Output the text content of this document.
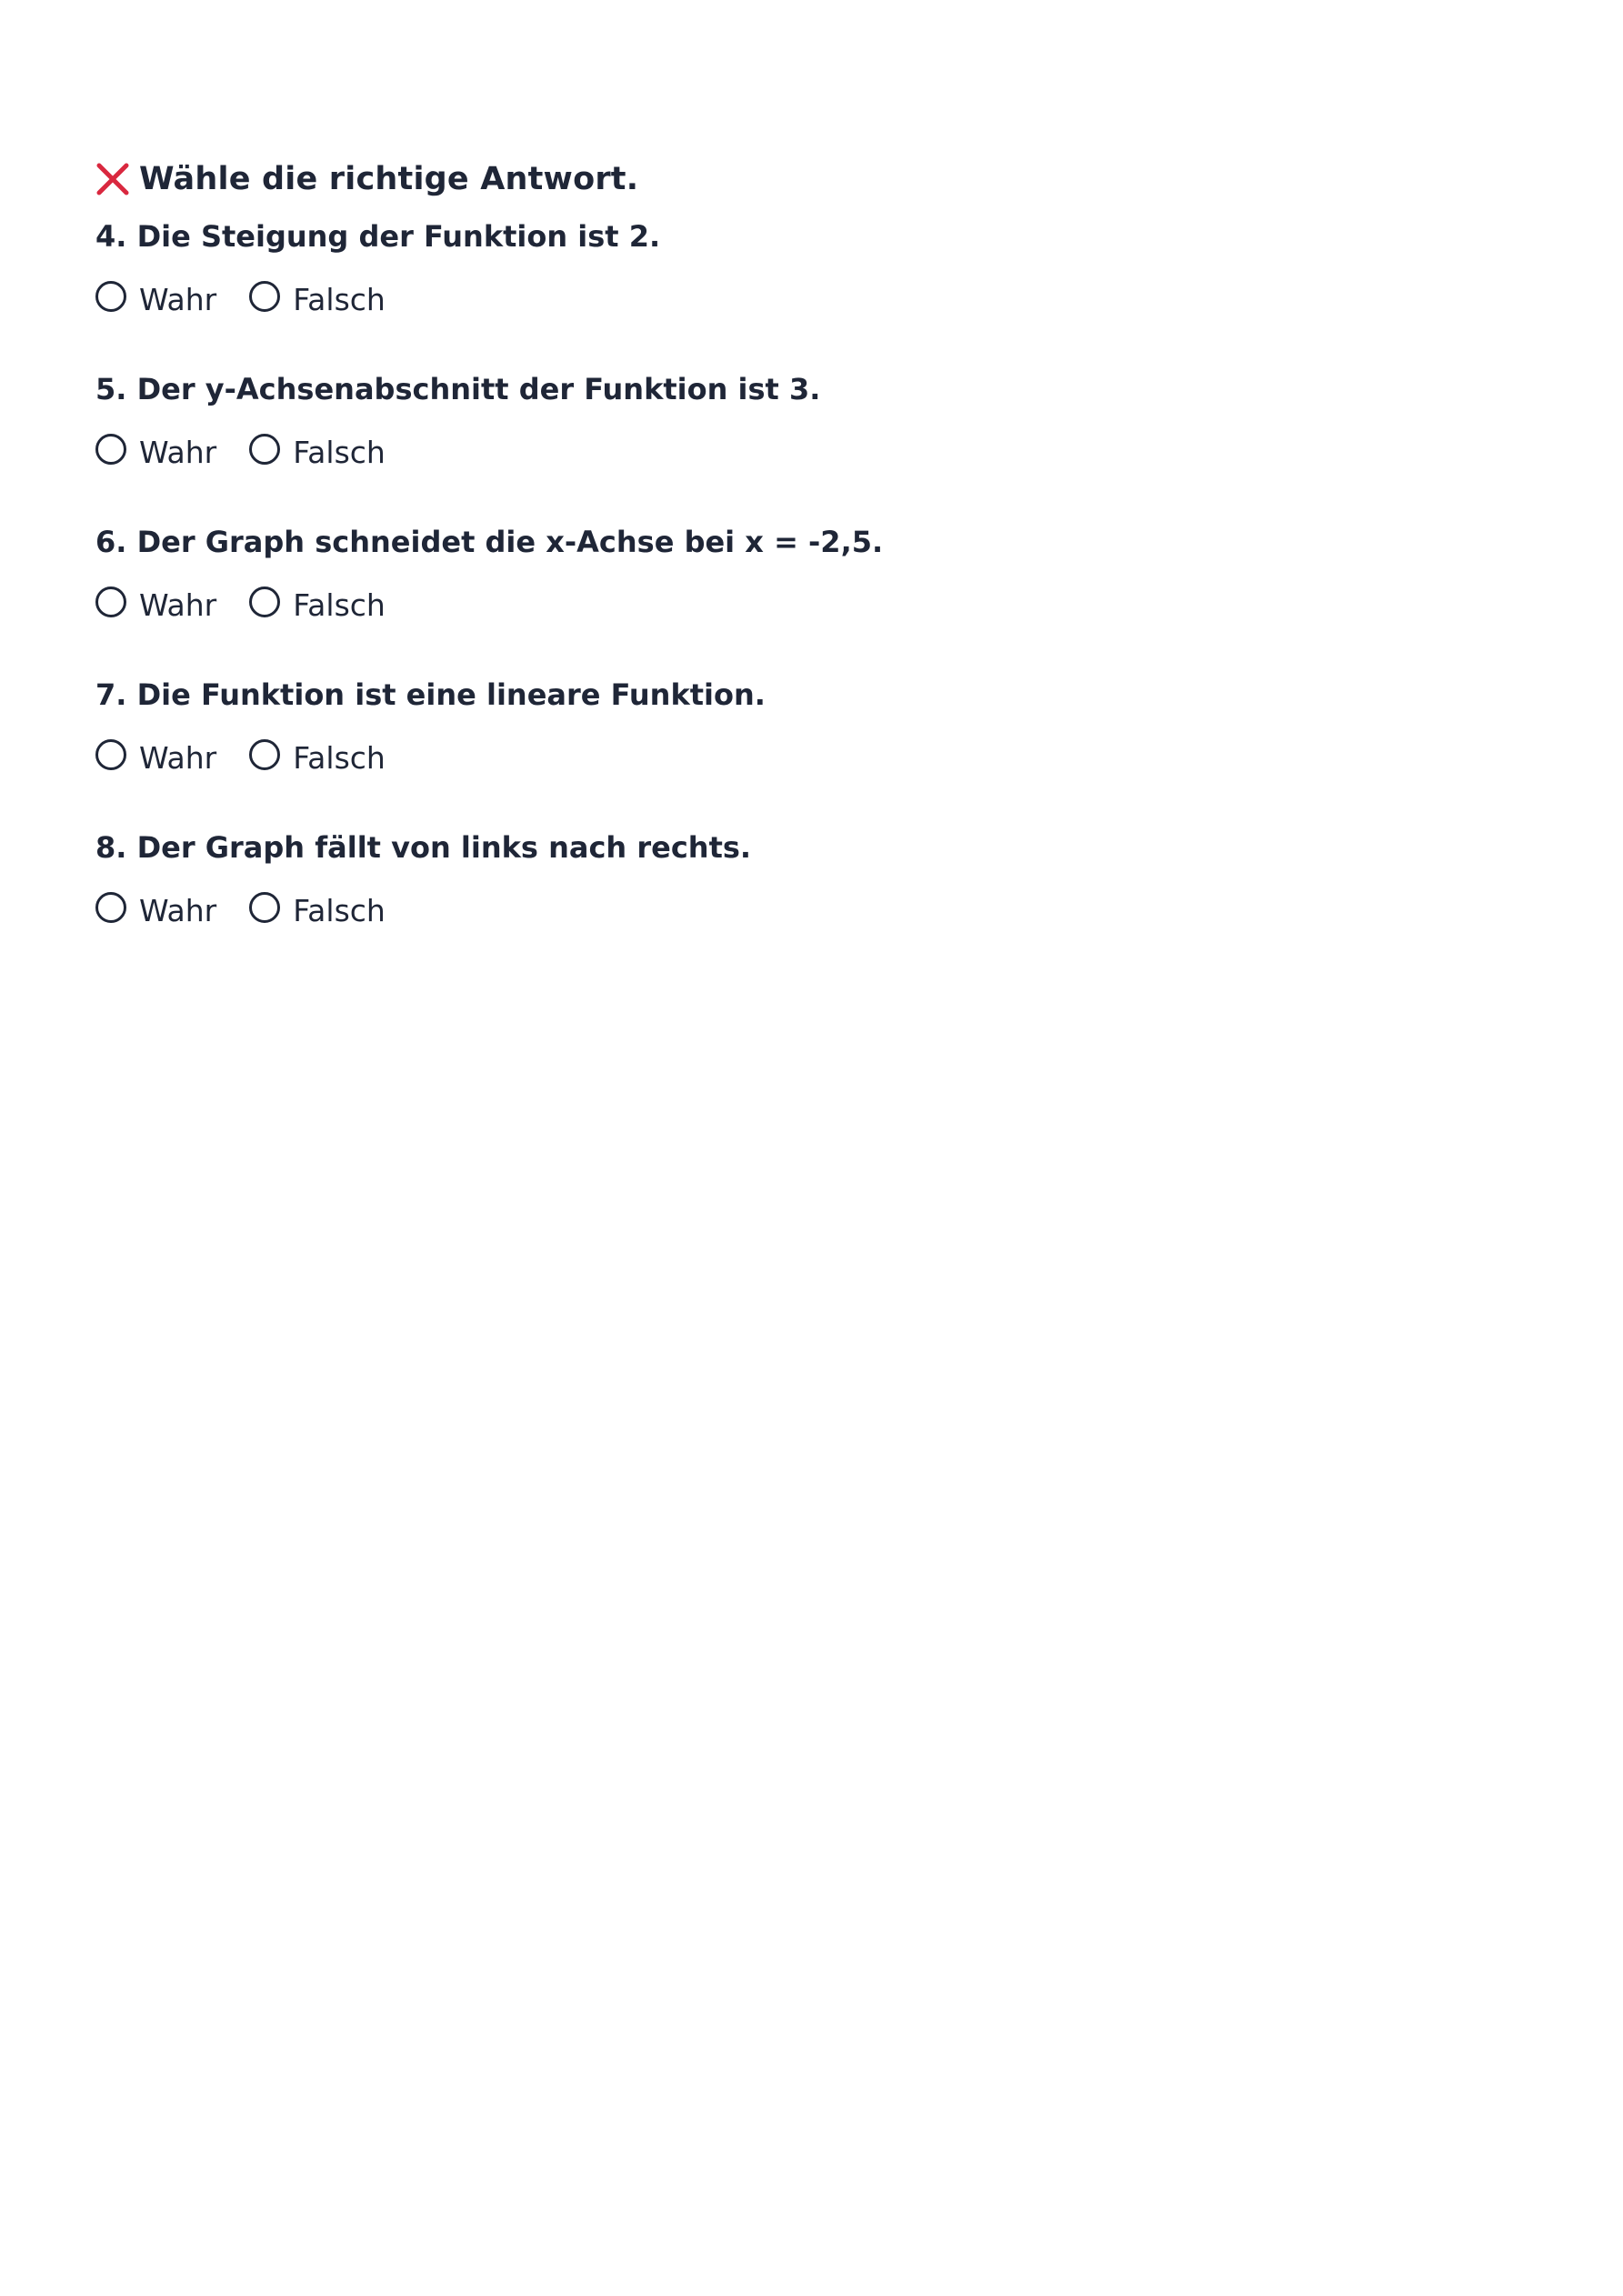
Wähle die richtige Antwort.
4. Die Steigung der Funktion ist 2.
Wahr	Falsch
5. Der y-Achsenabschnitt der Funktion ist 3.
Wahr	Falsch
6. Der Graph schneidet die x-Achse bei x = -2,5.
Wahr	Falsch
7. Die Funktion ist eine lineare Funktion.
Wahr	Falsch
8. Der Graph fällt von links nach rechts.
Wahr	Falsch
